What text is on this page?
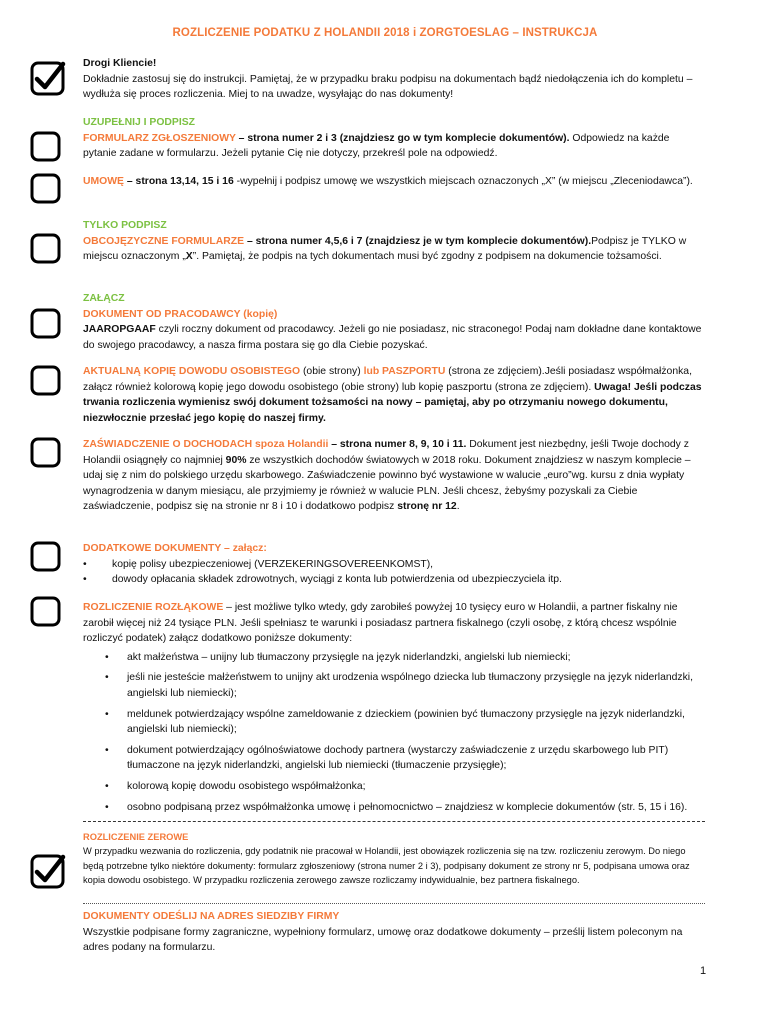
ROZLICZENIE PODATKU Z HOLANDII 2018 i ZORGTOESLAG – INSTRUKCJA

Drogi Kliencie!

Dokładnie zastosuj się do instrukcji. Pamiętaj, że w przypadku braku podpisu na dokumentach bądź niedołączenia ich do kompletu – wydłuża się proces rozliczenia. Miej to na uwadze, wysyłając do nas dokumenty!

UZUPEŁNIJ I PODPISZ

FORMULARZ ZGŁOSZENIOWY – strona numer 2 i 3 (znajdziesz go w tym komplecie dokumentów). Odpowiedz na każde pytanie zadane w formularzu. Jeżeli pytanie Cię nie dotyczy, przekreśl pole na odpowiedź.

UMOWĘ – strona 13,14, 15 i 16 -wypełnij i podpisz umowę we wszystkich miejscach oznaczonych „X” (w miejscu „Zleceniodawca”).

TYLKO PODPISZ

OBCOJĘZYCZNE FORMULARZE – strona numer 4,5,6 i 7 (znajdziesz je w tym komplecie dokumentów).Podpisz je TYLKO w miejscu oznaczonym „X”. Pamiętaj, że podpis na tych dokumentach musi być zgodny z podpisem na dokumencie tożsamości.

ZAŁĄCZ

DOKUMENT OD PRACODAWCY (kopię)

JAAROPGAAF czyli roczny dokument od pracodawcy. Jeżeli go nie posiadasz, nic straconego! Podaj nam dokładne dane kontaktowe do swojego pracodawcy, a nasza firma postara się go dla Ciebie pozyskać.

AKTUALNĄ KOPIĘ DOWODU OSOBISTEGO (obie strony) lub PASZPORTU (strona ze zdjęciem).Jeśli posiadasz współmałżonka, załącz również kolorową kopię jego dowodu osobistego (obie strony) lub kopię paszportu (strona ze zdjęciem). Uwaga! Jeśli podczas trwania rozliczenia wymienisz swój dokument tożsamości na nowy – pamiętaj, aby po otrzymaniu nowego dokumentu, niezwłocznie przesłać jego kopię do naszej firmy.

ZAŚWIADCZENIE O DOCHODACH spoza Holandii – strona numer 8, 9, 10 i 11. Dokument jest niezbędny, jeśli Twoje dochody z Holandii osiągnęły co najmniej 90% ze wszystkich dochodów światowych w 2018 roku. Dokument znajdziesz w naszym komplecie – udaj się z nim do polskiego urzędu skarbowego. Zaświadczenie powinno być wystawione w walucie „euro”wg. kursu z dnia wypłaty wynagrodzenia w danym miesiącu, ale przyjmiemy je również w walucie PLN. Jeśli chcesz, żebyśmy pozyskali za Ciebie zaświadczenie, podpisz się na stronie nr 8 i 10 i dodatkowo podpisz stronę nr 12.

DODATKOWE DOKUMENTY – załącz:

• kopię polisy ubezpieczeniowej (VERZEKERINGSOVEREENKOMST),
• dowody opłacania składek zdrowotnych, wyciągi z konta lub potwierdzenia od ubezpieczyciela itp.

ROZLICZENIE ROZŁĄKOWE – jest możliwe tylko wtedy, gdy zarobiłeś powyżej 10 tysięcy euro w Holandii, a partner fiskalny nie zarobił więcej niż 24 tysiące PLN. Jeśli spełniasz te warunki i posiadasz partnera fiskalnego (czyli osobę, z którą chcesz wspólnie rozliczyć podatek) załącz dodatkowo poniższe dokumenty:

• akt małżeństwa – unijny lub tłumaczony przysięgle na język niderlandzki, angielski lub niemiecki;
• jeśli nie jesteście małżeństwem to unijny akt urodzenia wspólnego dziecka lub tłumaczony przysięgle na język niderlandzki, angielski lub niemiecki);
• meldunek potwierdzający wspólne zameldowanie z dzieckiem (powinien być tłumaczony przysięgle na język niderlandzki, angielski lub niemiecki);
• dokument potwierdzający ogólnoświatowe dochody partnera (wystarczy zaświadczenie z urzędu skarbowego lub PIT) tłumaczone na język niderlandzki, angielski lub niemiecki (tłumaczenie przysięgłe);
• kolorową kopię dowodu osobistego współmałżonka;
• osobno podpisaną przez współmałżonka umowę i pełnomocnictwo – znajdziesz w komplecie dokumentów (str. 5, 15 i 16).

ROZLICZENIE ZEROWE

W przypadku wezwania do rozliczenia, gdy podatnik nie pracował w Holandii, jest obowiązek rozliczenia się na tzw. rozliczeniu zerowym. Do niego będą potrzebne tylko niektóre dokumenty: formularz zgłoszeniowy (strona numer 2 i 3), podpisany dokument ze strony nr 5, podpisana umowa oraz kopia dowodu osobistego. W przypadku rozliczenia zerowego zawsze rozliczamy indywidualnie, bez partnera fiskalnego.

DOKUMENTY ODEŚLIJ NA ADRES SIEDZIBY FIRMY

Wszystkie podpisane formy zagraniczne, wypełniony formularz, umowę oraz dodatkowe dokumenty – prześlij listem poleconym na adres podany na formularzu.

1
